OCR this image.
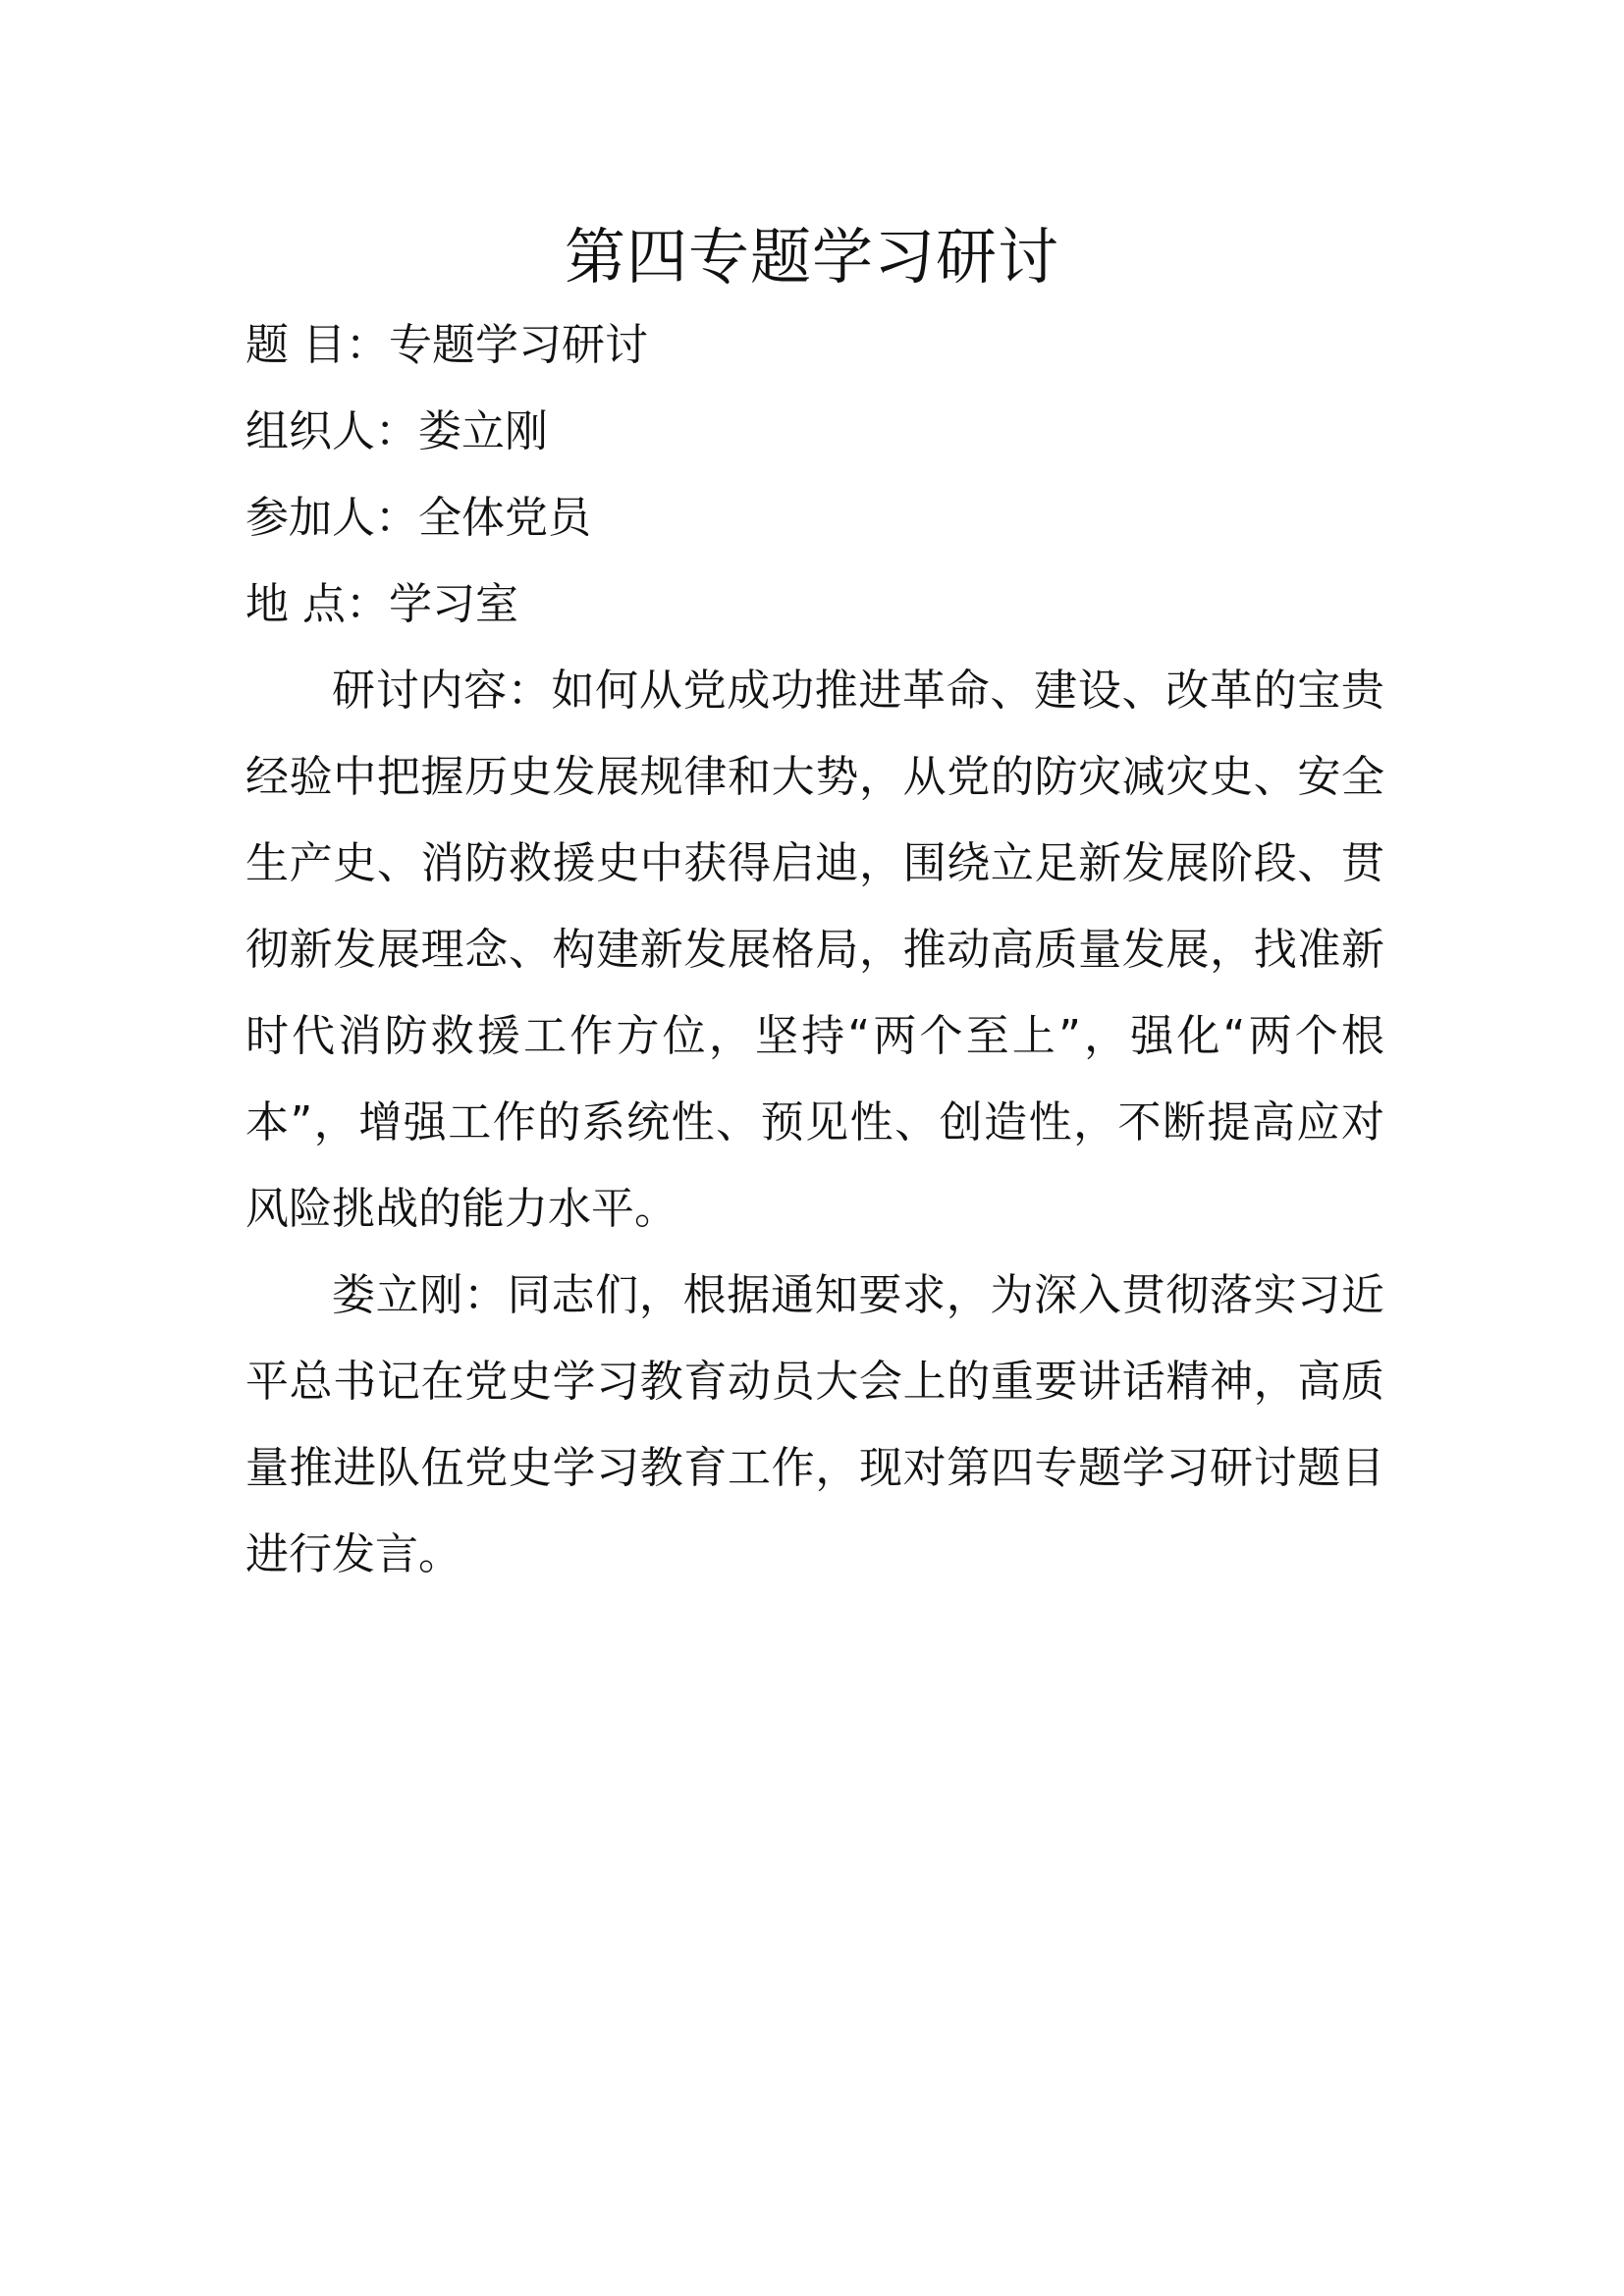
第四专题学习研讨
题 目：专题学习研讨
组织人：娄立刚
参加人：全体党员
地 点：学习室

研讨内容：如何从党成功推进革命、建设、改革的宝贵经验中把握历史发展规律和大势，从党的防灾减灾史、安全生产史、消防救援史中获得启迪，围绕立足新发展阶段、贯彻新发展理念、构建新发展格局，推动高质量发展，找准新时代消防救援工作方位，坚持“两个至上”，强化“两个根本”，增强工作的系统性、预见性、创造性，不断提高应对风险挑战的能力水平。

娄立刚：同志们，根据通知要求，为深入贯彻落实习近平总书记在党史学习教育动员大会上的重要讲话精神，高质量推进队伍党史学习教育工作，现对第四专题学习研讨题目进行发言。
